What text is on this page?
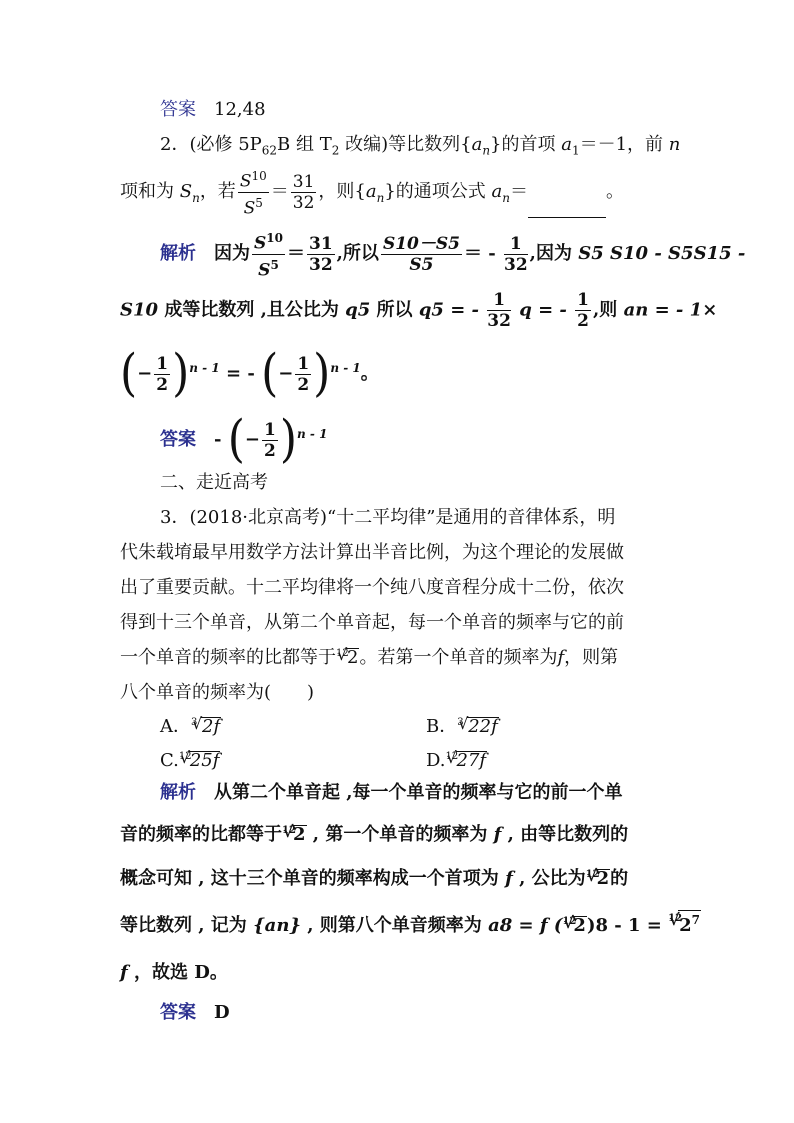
答案　 12,48
2．(必修 $5P_{62}B$ 组 $T_2$ 改编)等比数列$\{a_n\}$的首项 $a_1=-1$，前 n
项和为 $S_n$，若 $\frac{S^{10}}{S^5} = \frac{31}{32}$ ，则$\{a_n\}$的通项公式 $a_n=$	。
解析　 因为 $\frac{S^{10}}{S^5} = \frac{31}{32}$ ,所以 $\frac{S10-S5}{S5}$ ＝ - $\frac{1}{32}$ ,因为 S5 S10 - S5S15 -
S10 成等比数列 ,且公比为 q5 所以 q5 = - $\frac{1}{32}$ q = - $\frac{1}{2}$ ,则 an = - 1×
(− $\frac{1}{2} )^{n - 1}$ = - (− $\frac{1}{2} )^{n - 1}$。
答案　 - (− $\frac{1}{2} )^{n - 1}$
二、走近高考
3．(2018·北京高考)“十二平均律”是通用的音律体系，明
代朱载堉最早用数学方法计算出半音比例，为这个理论的发展做
出了重要贡献。十二平均律将一个纯八度音程分成十二份，依次
得到十三个单音，从第二个单音起，每一个单音的频率与它的前
一个单音的频率的比都等于 12
√ 2。若第一个单音的频率为f，则第
八个单音的频率为(　　)
A． 3 √ 2f	B． 3 √ 22f
C. 12
√ 25f	D. 12
√ 27f
解析　 从第二个单音起 ,每一个单音的频率与它的前一个单
音的频率的比都等于 12
√ 2 , 第一个单音的频率为 f , 由等比数列的
概念可知 , 这十三个单音的频率构成一个首项为 f , 公比为 12
√ 2的
等比数列 , 记为 {an} , 则第八个单音频率为 a8 = f ( 12
√ 2)8 - 1 = 12
√ $2^7$
f ，故选 D。
答案　 D
